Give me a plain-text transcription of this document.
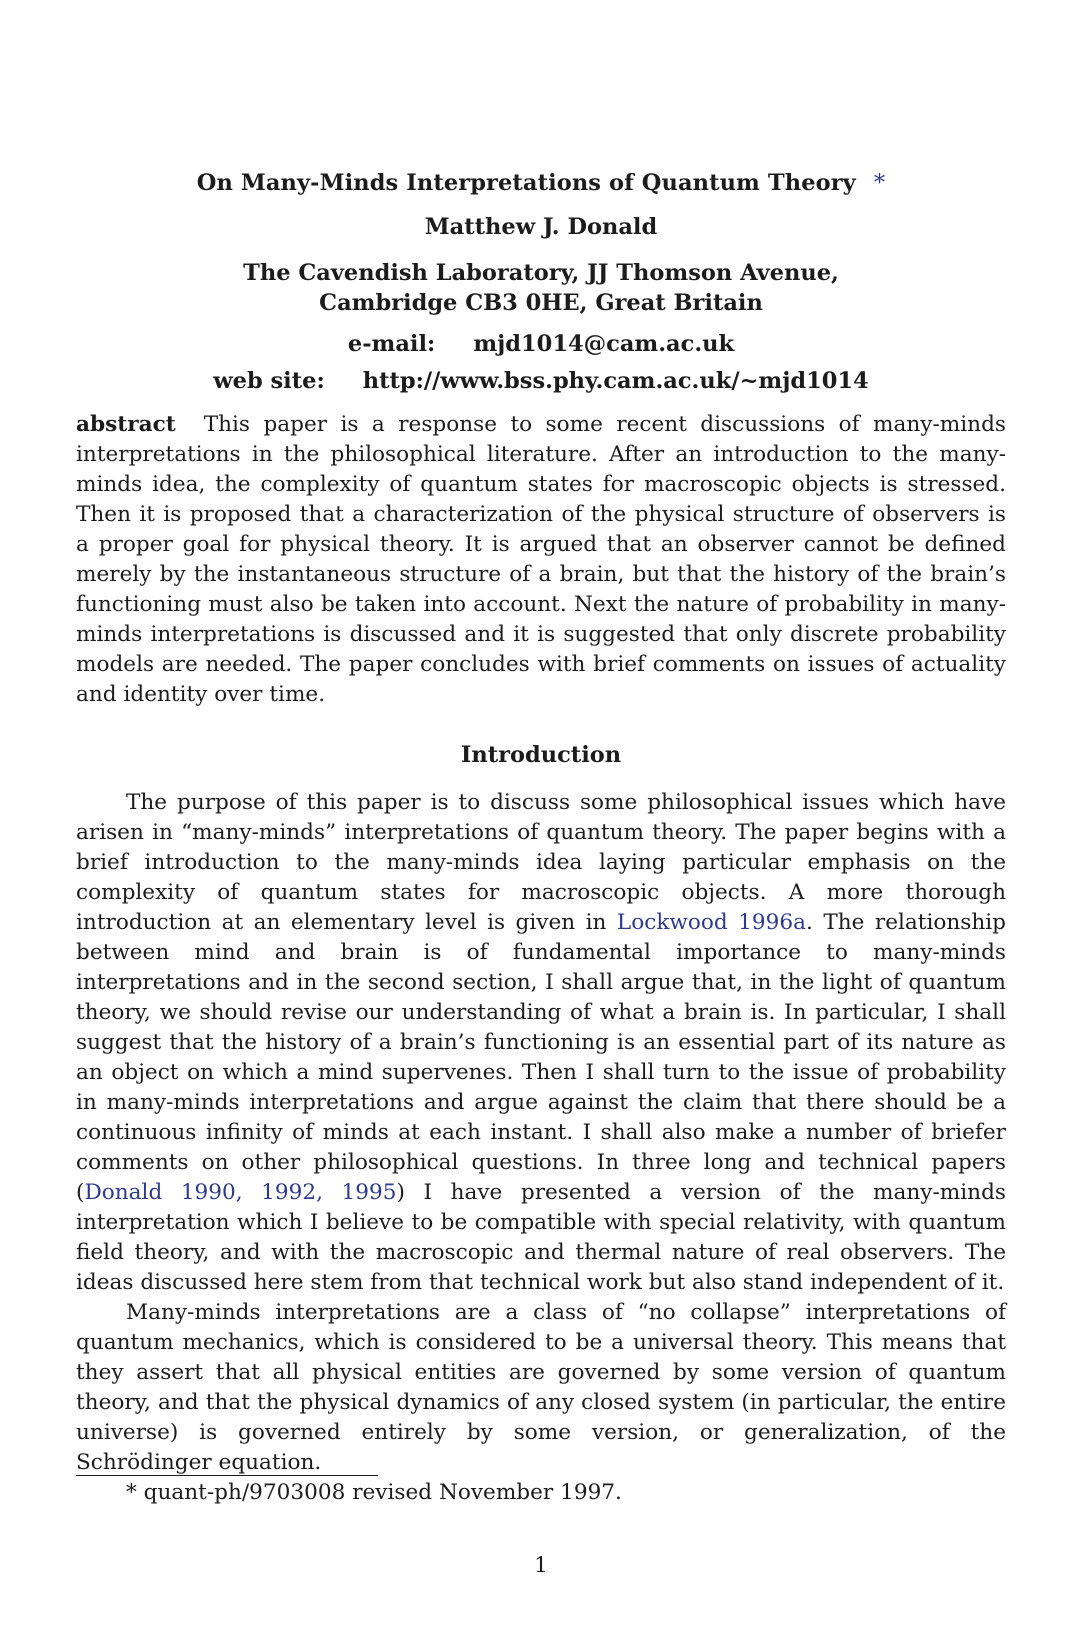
On Many-Minds Interpretations of Quantum Theory *
Matthew J. Donald
The Cavendish Laboratory, JJ Thomson Avenue,
Cambridge CB3 0HE, Great Britain
e-mail: mjd1014@cam.ac.uk
web site: http://www.bss.phy.cam.ac.uk/~mjd1014
abstract This paper is a response to some recent discussions of many-minds interpretations in the philosophical literature. After an introduction to the many-minds idea, the complexity of quantum states for macroscopic objects is stressed. Then it is proposed that a characterization of the physical structure of observers is a proper goal for physical theory. It is argued that an observer cannot be defined merely by the instantaneous structure of a brain, but that the history of the brain’s functioning must also be taken into account. Next the nature of probability in many-minds interpretations is discussed and it is suggested that only discrete probability models are needed. The paper concludes with brief comments on issues of actuality and identity over time.
Introduction

The purpose of this paper is to discuss some philosophical issues which have arisen in “many-minds” interpretations of quantum theory. The paper begins with a brief introduction to the many-minds idea laying particular emphasis on the complexity of quantum states for macroscopic objects. A more thorough introduction at an elementary level is given in Lockwood 1996a. The relationship between mind and brain is of fundamental importance to many-minds interpretations and in the second section, I shall argue that, in the light of quantum theory, we should revise our understanding of what a brain is. In particular, I shall suggest that the history of a brain’s functioning is an essential part of its nature as an object on which a mind supervenes. Then I shall turn to the issue of probability in many-minds interpretations and argue against the claim that there should be a continuous infinity of minds at each instant. I shall also make a number of briefer comments on other philosophical questions. In three long and technical papers (Donald 1990, 1992, 1995) I have presented a version of the many-minds interpretation which I believe to be compatible with special relativity, with quantum field theory, and with the macroscopic and thermal nature of real observers. The ideas discussed here stem from that technical work but also stand independent of it.

Many-minds interpretations are a class of “no collapse” interpretations of quantum mechanics, which is considered to be a universal theory. This means that they assert that all physical entities are governed by some version of quantum theory, and that the physical dynamics of any closed system (in particular, the entire universe) is governed entirely by some version, or generalization, of the Schrödinger equation.

* quant-ph/9703008 revised November 1997.
1
